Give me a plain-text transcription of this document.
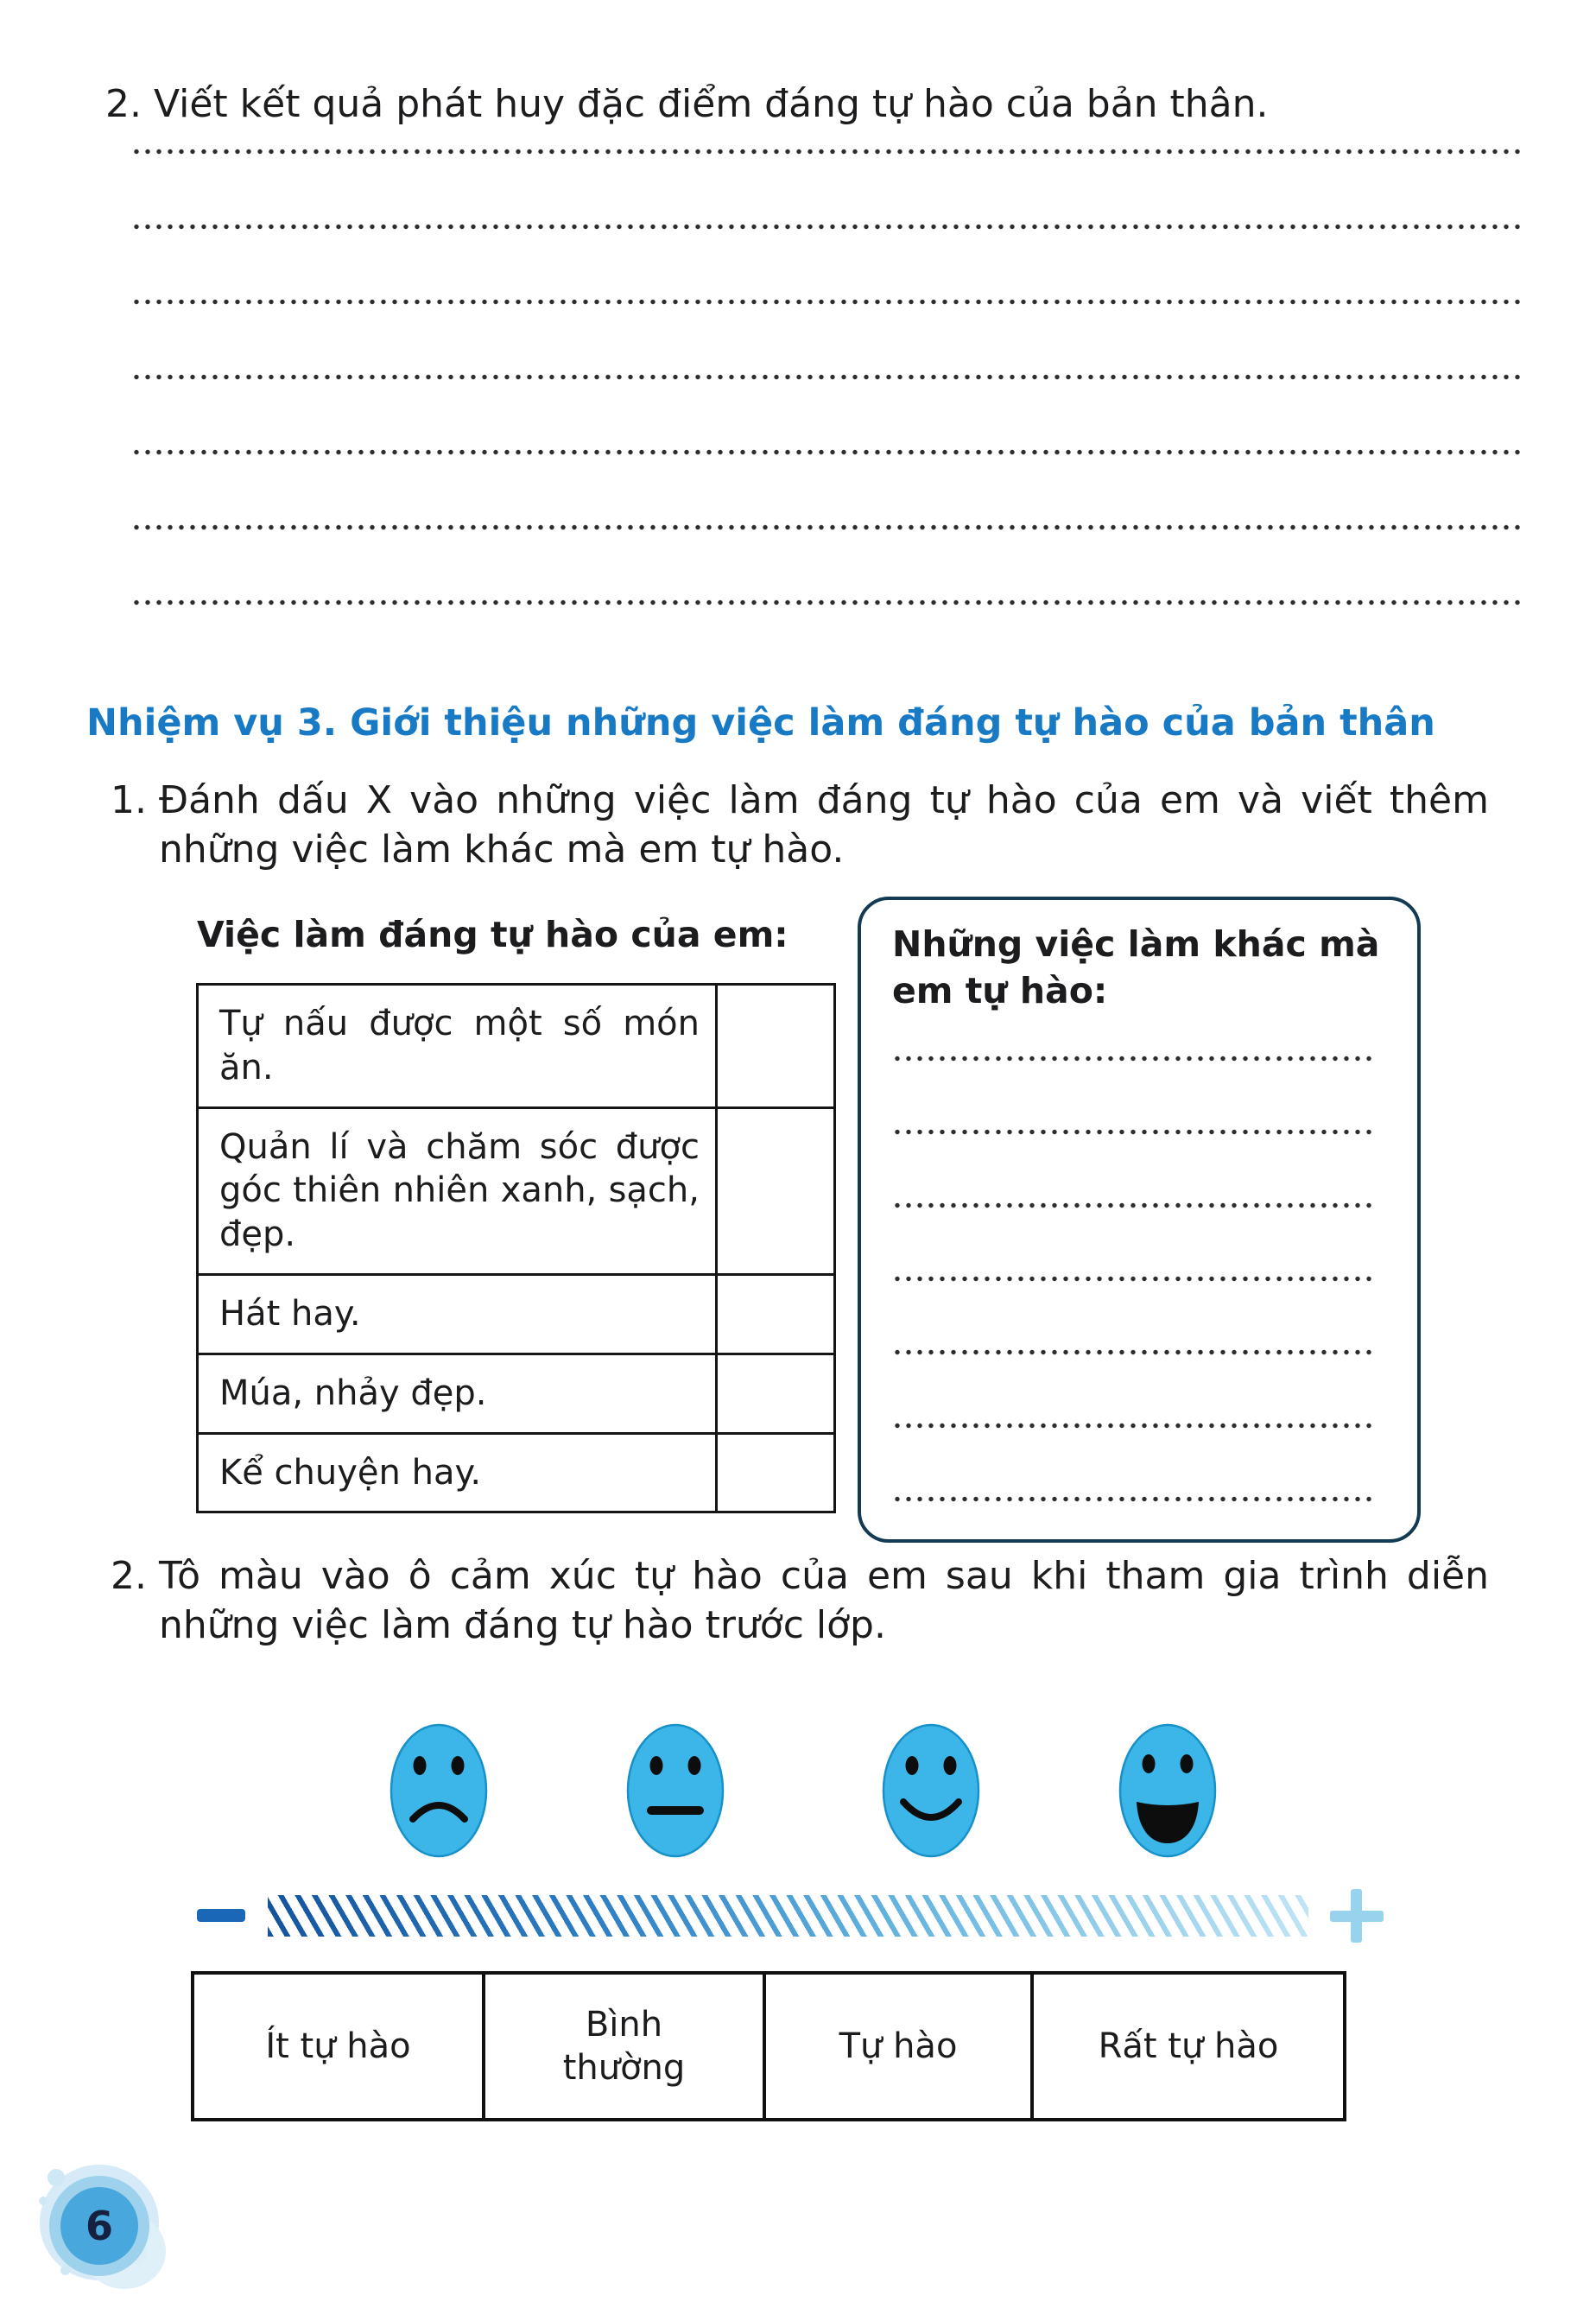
2. Viết kết quả phát huy đặc điểm đáng tự hào của bản thân.
Nhiệm vụ 3. Giới thiệu những việc làm đáng tự hào của bản thân
1. Đánh dấu X vào những việc làm đáng tự hào của em và viết thêm những việc làm khác mà em tự hào.
Việc làm đáng tự hào của em:
Tự nấu được một số món ăn.
Quản lí và chăm sóc được góc thiên nhiên xanh, sạch, đẹp.
Hát hay.
Múa, nhảy đẹp.
Kể chuyện hay.
Những việc làm khác mà em tự hào:
2. Tô màu vào ô cảm xúc tự hào của em sau khi tham gia trình diễn những việc làm đáng tự hào trước lớp.
Ít tự hào
Bình thường
Tự hào	Rất tự hào
6
